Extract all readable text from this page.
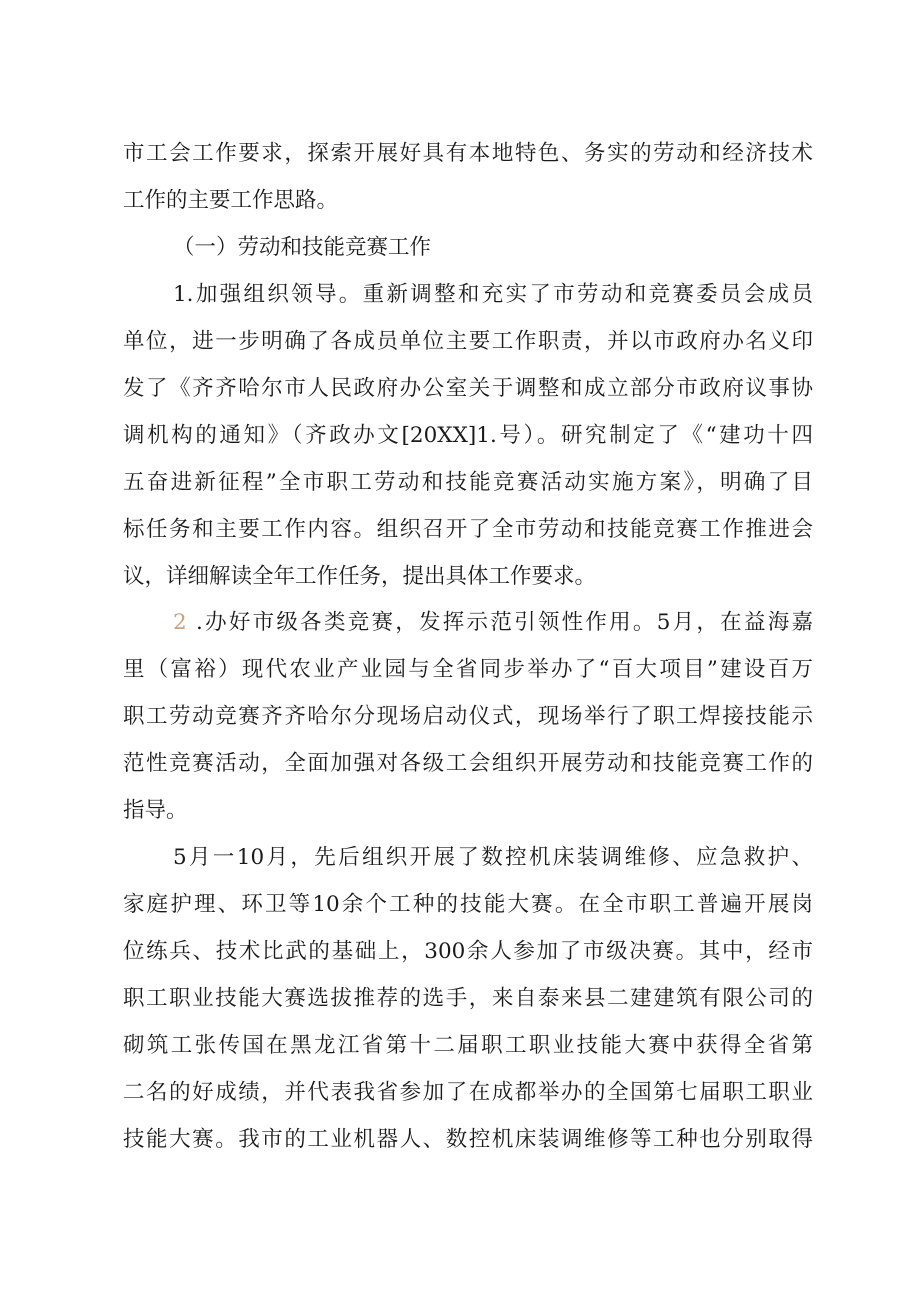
市工会工作要求，探索开展好具有本地特色、务实的劳动和经济技术
工作的主要工作思路。
（一）劳动和技能竞赛工作
1.加强组织领导。重新调整和充实了市劳动和竞赛委员会成员
单位，进一步明确了各成员单位主要工作职责，并以市政府办名义印
发了《齐齐哈尔市人民政府办公室关于调整和成立部分市政府议事协
调机构的通知》（齐政办文[20XX]1.号）。研究制定了《“建功十四
五奋进新征程”全市职工劳动和技能竞赛活动实施方案》，明确了目
标任务和主要工作内容。组织召开了全市劳动和技能竞赛工作推进会
议，详细解读全年工作任务，提出具体工作要求。
2 .办好市级各类竞赛，发挥示范引领性作用。5月，在益海嘉
里（富裕）现代农业产业园与全省同步举办了“百大项目”建设百万
职工劳动竞赛齐齐哈尔分现场启动仪式，现场举行了职工焊接技能示
范性竞赛活动，全面加强对各级工会组织开展劳动和技能竞赛工作的
指导。
5月一10月，先后组织开展了数控机床装调维修、应急救护、
家庭护理、环卫等10余个工种的技能大赛。在全市职工普遍开展岗
位练兵、技术比武的基础上，300余人参加了市级决赛。其中，经市
职工职业技能大赛选拔推荐的选手，来自泰来县二建建筑有限公司的
砌筑工张传国在黑龙江省第十二届职工职业技能大赛中获得全省第
二名的好成绩，并代表我省参加了在成都举办的全国第七届职工职业
技能大赛。我市的工业机器人、数控机床装调维修等工种也分别取得
